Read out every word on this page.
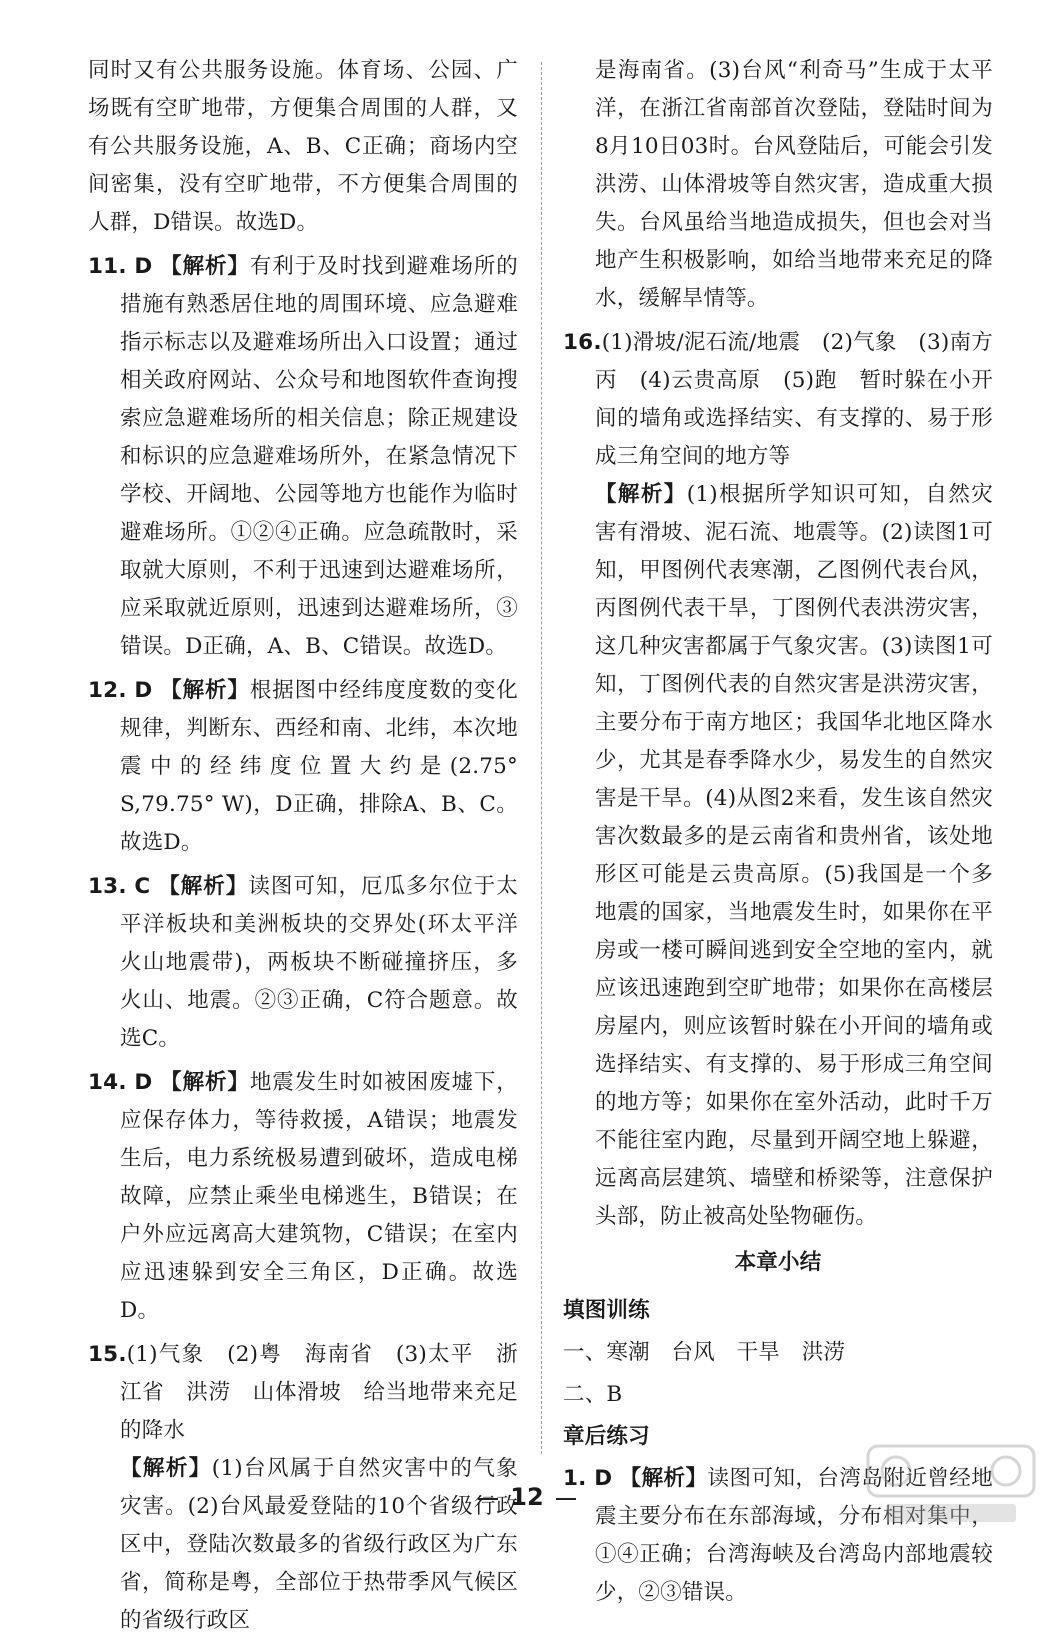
同时又有公共服务设施。体育场、公园、广场既有空旷地带，方便集合周围的人群，又有公共服务设施，A、B、C正确；商场内空间密集，没有空旷地带，不方便集合周围的人群，D错误。故选D。

11. D 【解析】有利于及时找到避难场所的措施有熟悉居住地的周围环境、应急避难指示标志以及避难场所出入口设置；通过相关政府网站、公众号和地图软件查询搜索应急避难场所的相关信息；除正规建设和标识的应急避难场所外，在紧急情况下学校、开阔地、公园等地方也能作为临时避难场所。①②④正确。应急疏散时，采取就大原则，不利于迅速到达避难场所，应采取就近原则，迅速到达避难场所，③错误。D正确，A、B、C错误。故选D。

12. D 【解析】根据图中经纬度度数的变化规律，判断东、西经和南、北纬，本次地震中的经纬度位置大约是(2.75° S,79.75° W)，D正确，排除A、B、C。故选D。

13. C 【解析】读图可知，厄瓜多尔位于太平洋板块和美洲板块的交界处(环太平洋火山地震带)，两板块不断碰撞挤压，多火山、地震。②③正确，C符合题意。故选C。

14. D 【解析】地震发生时如被困废墟下，应保存体力，等待救援，A错误；地震发生后，电力系统极易遭到破坏，造成电梯故障，应禁止乘坐电梯逃生，B错误；在户外应远离高大建筑物，C错误；在室内应迅速躲到安全三角区，D正确。故选D。

15.(1)气象　(2)粤　海南省　(3)太平　浙江省　洪涝　山体滑坡　给当地带来充足的降水

【解析】(1)台风属于自然灾害中的气象灾害。(2)台风最爱登陆的10个省级行政区中，登陆次数最多的省级行政区为广东省，简称是粤，全部位于热带季风气候区的省级行政区

是海南省。(3)台风“利奇马”生成于太平洋，在浙江省南部首次登陆，登陆时间为8月10日03时。台风登陆后，可能会引发洪涝、山体滑坡等自然灾害，造成重大损失。台风虽给当地造成损失，但也会对当地产生积极影响，如给当地带来充足的降水，缓解旱情等。

16.(1)滑坡/泥石流/地震　(2)气象　(3)南方　丙　(4)云贵高原　(5)跑　暂时躲在小开间的墙角或选择结实、有支撑的、易于形成三角空间的地方等

【解析】(1)根据所学知识可知，自然灾害有滑坡、泥石流、地震等。(2)读图1可知，甲图例代表寒潮，乙图例代表台风，丙图例代表干旱，丁图例代表洪涝灾害，这几种灾害都属于气象灾害。(3)读图1可知，丁图例代表的自然灾害是洪涝灾害，主要分布于南方地区；我国华北地区降水少，尤其是春季降水少，易发生的自然灾害是干旱。(4)从图2来看，发生该自然灾害次数最多的是云南省和贵州省，该处地形区可能是云贵高原。(5)我国是一个多地震的国家，当地震发生时，如果你在平房或一楼可瞬间逃到安全空地的室内，就应该迅速跑到空旷地带；如果你在高楼层房屋内，则应该暂时躲在小开间的墙角或选择结实、有支撑的、易于形成三角空间的地方等；如果你在室外活动，此时千万不能往室内跑，尽量到开阔空地上躲避，远离高层建筑、墙壁和桥梁等，注意保护头部，防止被高处坠物砸伤。

本章小结
填图训练

一、寒潮　台风　干旱　洪涝

二、B

章后练习

1. D 【解析】读图可知，台湾岛附近曾经地震主要分布在东部海域，分布相对集中，①④正确；台湾海峡及台湾岛内部地震较少，②③错误。

12
